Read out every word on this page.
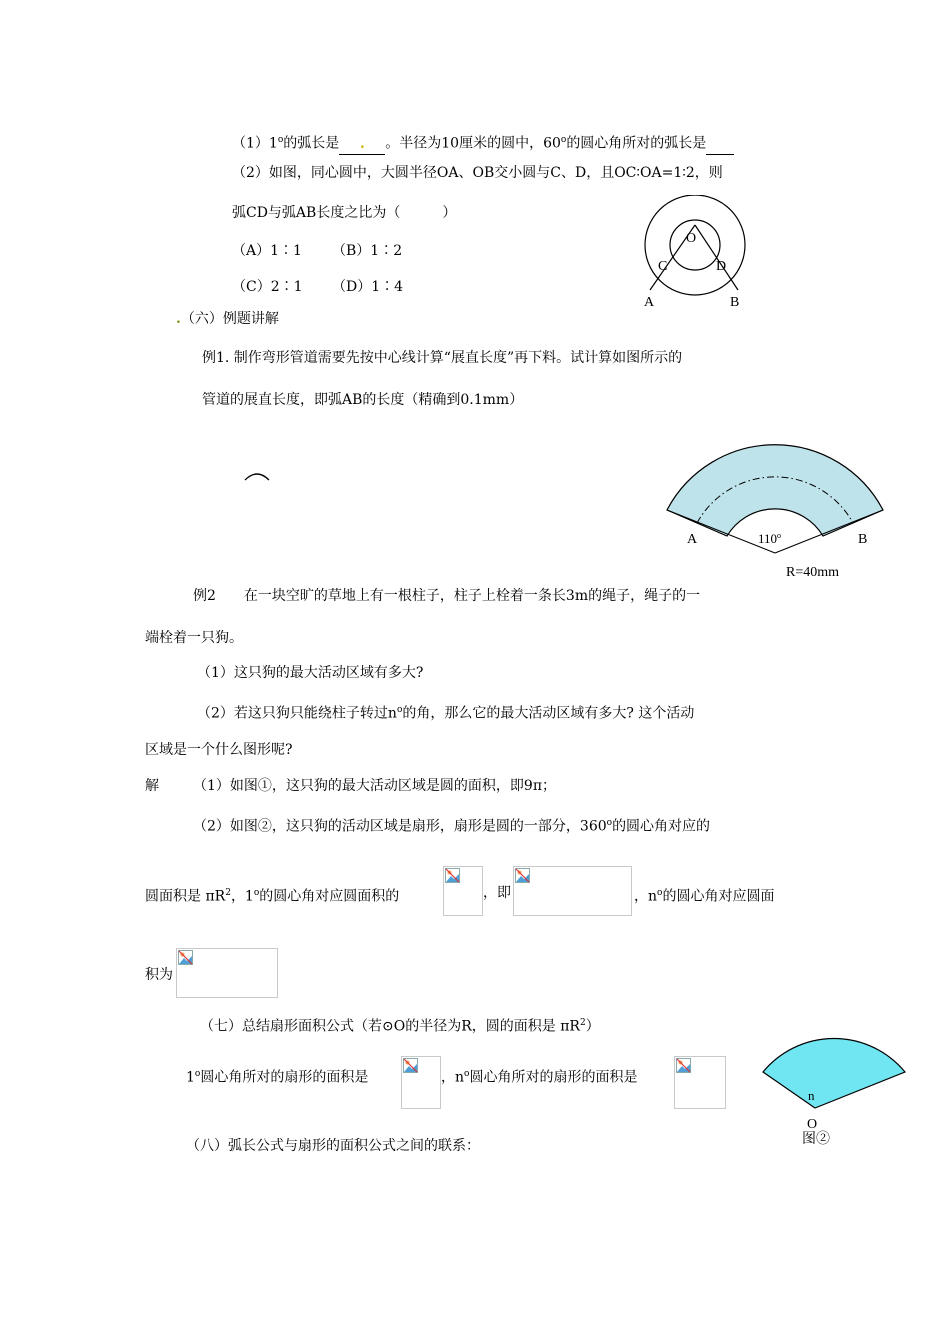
（1）1$^o$的弧长是 . 。半径为10厘米的圆中，60$^o$的圆心角所对的弧长是
（2）如图，同心圆中，大圆半径OA、OB交小圆与C、D，且OC∶OA=1∶2，则
弧CD与弧AB长度之比为（　　　）
（A）1∶1 （B）1∶2
（C）2∶1 （D）1∶4
O
C	D
A	B
.（六）例题讲解
例1. 制作弯形管道需要先按中心线计算“展直长度”再下料。试计算如图所示的
管道的展直长度，即弧AB的长度（精确到0.1mm）
A	B
110$^o$
R=40mm
例2　　在一块空旷的草地上有一根柱子，柱子上栓着一条长3m的绳子，绳子的一
端栓着一只狗。
（1）这只狗的最大活动区域有多大?
（2）若这只狗只能绕柱子转过$n^o$的角，那么它的最大活动区域有多大? 这个活动
区域是一个什么图形呢?
解 （1）如图①，这只狗的最大活动区域是圆的面积，即9π；
（2）如图②，这只狗的活动区域是扇形，扇形是圆的一部分，360$^o$的圆心角对应的
圆面积是 $\pi R^2$，1$^o$的圆心角对应圆面积的	，即	，$n^o$的圆心角对应圆面
积为
（七）总结扇形面积公式（若⊙O的半径为R，圆的面积是 $\pi R^2$）
1$^o$圆心角所对的扇形的面积是	，$n^o$圆心角所对的扇形的面积是
n
O
图②
（八）弧长公式与扇形的面积公式之间的联系：
